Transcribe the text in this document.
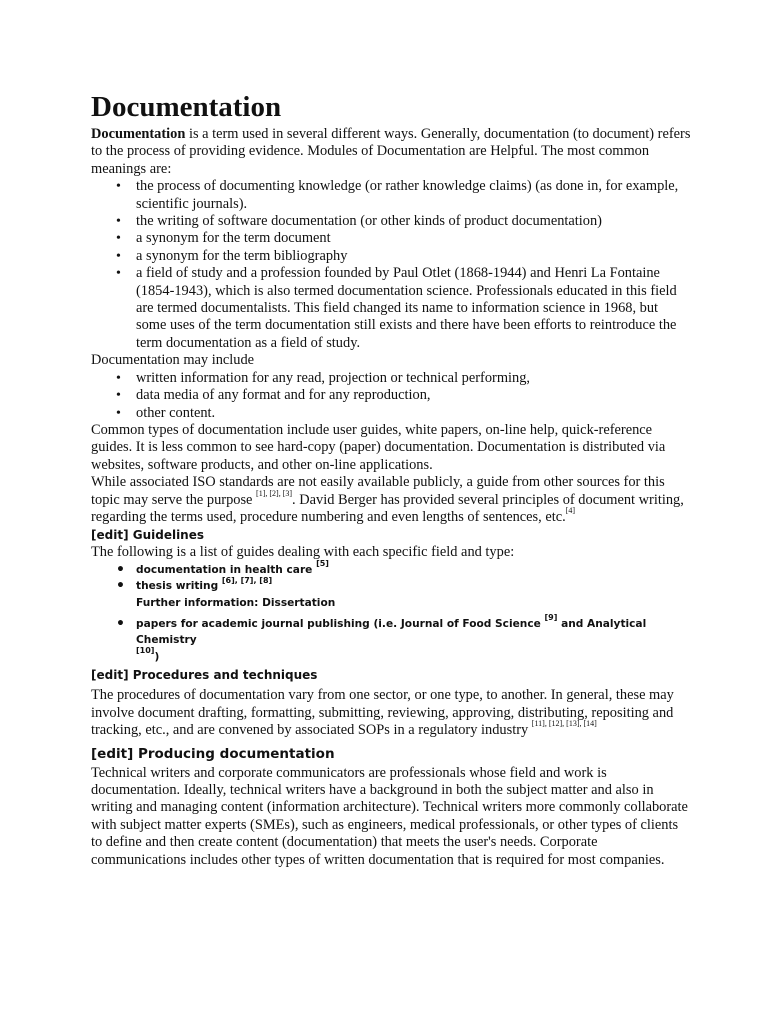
Documentation

Documentation is a term used in several different ways. Generally, documentation (to document) refers to the process of providing evidence. Modules of Documentation are Helpful. The most common meanings are:

• the process of documenting knowledge (or rather knowledge claims) (as done in, for example, scientific journals).
• the writing of software documentation (or other kinds of product documentation)
• a synonym for the term document
• a synonym for the term bibliography
• a field of study and a profession founded by Paul Otlet (1868-1944) and Henri La Fontaine (1854-1943), which is also termed documentation science. Professionals educated in this field are termed documentalists. This field changed its name to information science in 1968, but some uses of the term documentation still exists and there have been efforts to reintroduce the term documentation as a field of study.

Documentation may include

• written information for any read, projection or technical performing,
• data media of any format and for any reproduction,
• other content.

Common types of documentation include user guides, white papers, on-line help, quick-reference guides. It is less common to see hard-copy (paper) documentation. Documentation is distributed via websites, software products, and other on-line applications.

While associated ISO standards are not easily available publicly, a guide from other sources for this topic may serve the purpose [1], [2], [3]. David Berger has provided several principles of document writing, regarding the terms used, procedure numbering and even lengths of sentences, etc.[4]

[edit] Guidelines

The following is a list of guides dealing with each specific field and type:

• documentation in health care [5]
• thesis writing [6], [7], [8]
Further information: Dissertation
• papers for academic journal publishing (i.e. Journal of Food Science [9] and Analytical Chemistry
[10])
[edit] Procedures and techniques

The procedures of documentation vary from one sector, or one type, to another. In general, these may involve document drafting, formatting, submitting, reviewing, approving, distributing, repositing and tracking, etc., and are convened by associated SOPs in a regulatory industry [11], [12], [13], [14]

[edit] Producing documentation

Technical writers and corporate communicators are professionals whose field and work is documentation. Ideally, technical writers have a background in both the subject matter and also in writing and managing content (information architecture). Technical writers more commonly collaborate with subject matter experts (SMEs), such as engineers, medical professionals, or other types of clients to define and then create content (documentation) that meets the user's needs. Corporate communications includes other types of written documentation that is required for most companies.
